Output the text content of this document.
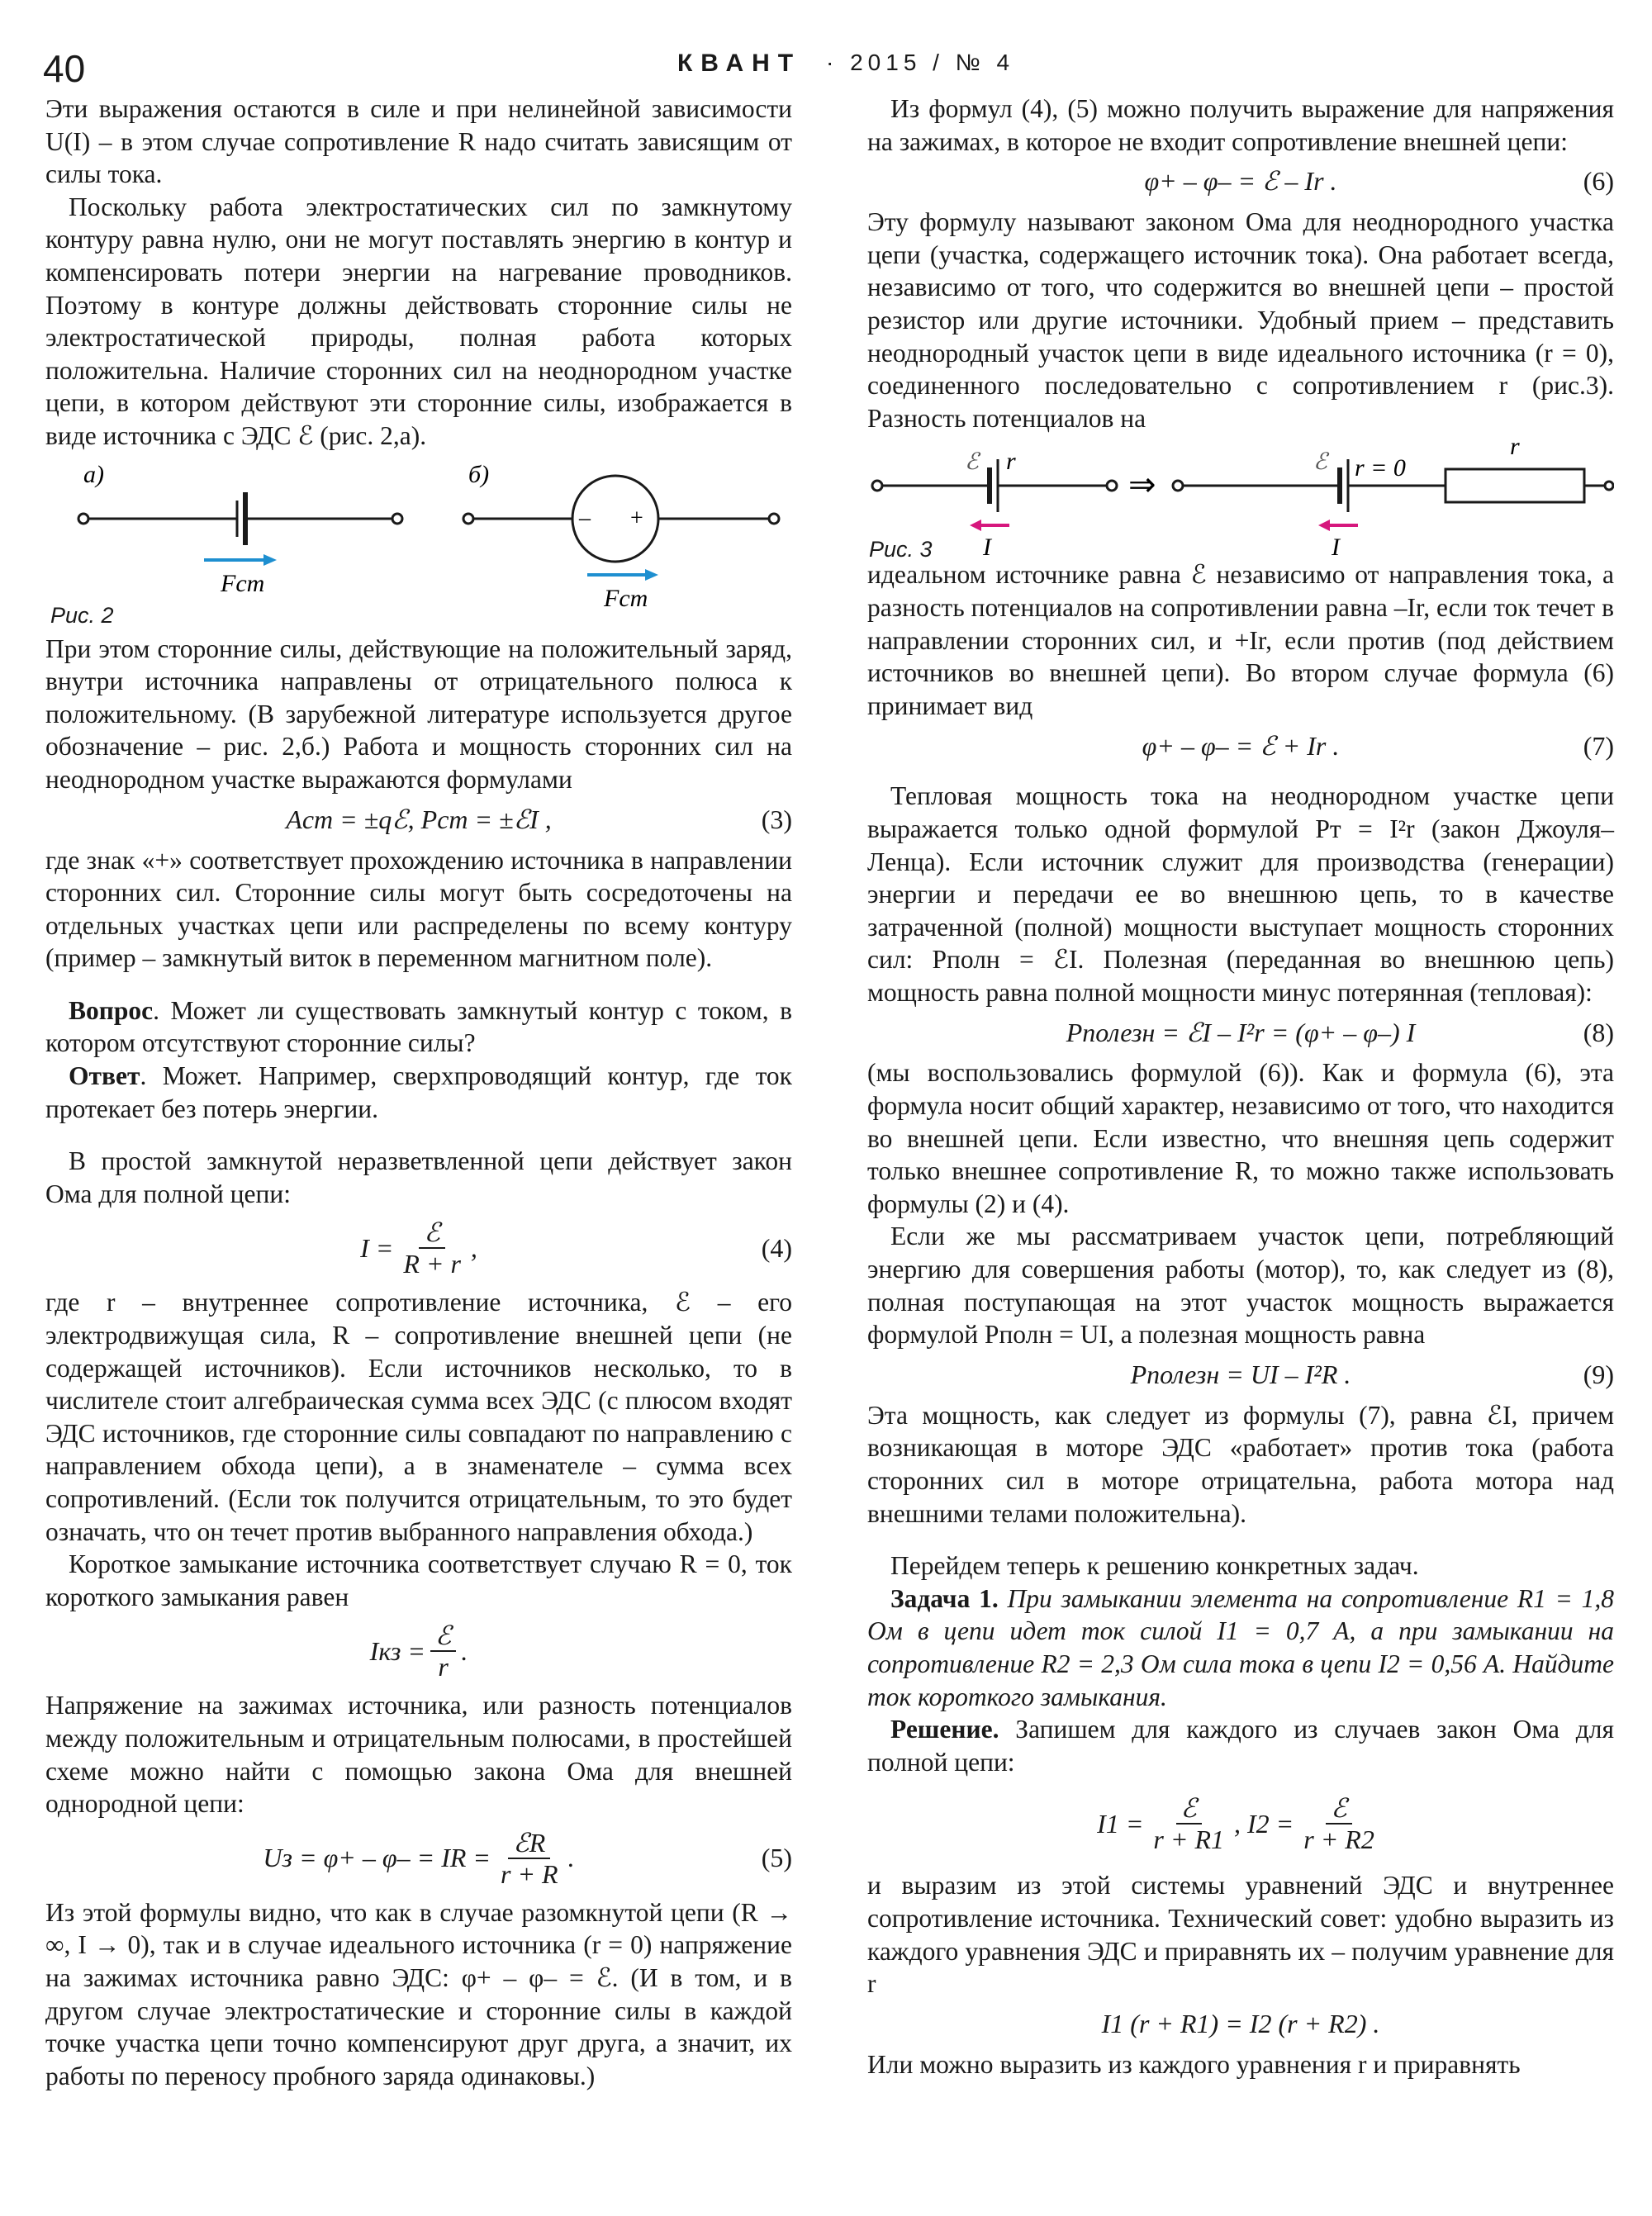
40	КВАНТ · 2015 / № 4

Эти выражения остаются в силе и при нелинейной зависимости U(I) – в этом случае сопротивление R надо считать зависящим от силы тока.

Поскольку работа электростатических сил по замкнутому контуру равна нулю, они не могут поставлять энергию в контур и компенсировать потери энергии на нагревание проводников. Поэтому в контуре должны действовать сторонние силы не электростатической природы, полная работа которых положительна. Наличие сторонних сил на неоднородном участке цепи, в котором действуют эти сторонние силы, изображается в виде источника с ЭДС ℰ (рис. 2,а).

а)	б)
Fст
– +
Fст
Рис. 2

При этом сторонние силы, действующие на положительный заряд, внутри источника направлены от отрицательного полюса к положительному. (В зарубежной литературе используется другое обозначение – рис. 2,б.) Работа и мощность сторонних сил на неоднородном участке выражаются формулами

Aст = ±qℰ, Pст = ±ℰI ,	(3)

где знак «+» соответствует прохождению источника в направлении сторонних сил. Сторонние силы могут быть сосредоточены на отдельных участках цепи или распределены по всему контуру (пример – замкнутый виток в переменном магнитном поле).

Вопрос. Может ли существовать замкнутый контур с током, в котором отсутствуют сторонние силы?

Ответ. Может. Например, сверхпроводящий контур, где ток протекает без потерь энергии.

В простой замкнутой неразветвленной цепи действует закон Ома для полной цепи:

$I = \frac{\text{ℰ}}{R + r}$ ,	(4)

где r – внутреннее сопротивление источника, ℰ – его электродвижущая сила, R – сопротивление внешней цепи (не содержащей источников). Если источников несколько, то в числителе стоит алгебраическая сумма всех ЭДС (с плюсом входят ЭДС источников, где сторонние силы совпадают по направлению с направлением обхода цепи), а в знаменателе – сумма всех сопротивлений. (Если ток получится отрицательным, то это будет означать, что он течет против выбранного направления обхода.)

Короткое замыкание источника соответствует случаю R = 0, ток короткого замыкания равен

Iкз = $\frac{\text{ℰ}}{r}$ .

Напряжение на зажимах источника, или разность потенциалов между положительным и отрицательным полюсами, в простейшей схеме можно найти с помощью закона Ома для внешней однородной цепи:

Uз = φ+ – φ– = IR = $\frac{\text{ℰR}}{r + R}$ .	(5)

Из этой формулы видно, что как в случае разомкнутой цепи (R → ∞, I → 0), так и в случае идеального источника (r = 0) напряжение на зажимах источника равно ЭДС: φ+ – φ– = ℰ. (И в том, и в другом случае электростатические и сторонние силы в каждой точке участка цепи точно компенсируют друг друга, а значит, их работы по переносу пробного заряда одинаковы.)

Из формул (4), (5) можно получить выражение для напряжения на зажимах, в которое не входит сопротивление внешней цепи:

φ+ – φ– = ℰ – Ir .	(6)

Эту формулу называют законом Ома для неоднородного участка цепи (участка, содержащего источник тока). Она работает всегда, независимо от того, что содержится во внешней цепи – простой резистор или другие источники. Удобный прием – представить неоднородный участок цепи в виде идеального источника (r = 0), соединенного последовательно с сопротивлением r (рис.3). Разность потенциалов на

ℰ r
I
⇒
ℰ r = 0
r
I
Рис. 3

идеальном источнике равна ℰ независимо от направления тока, а разность потенциалов на сопротивлении равна –Ir, если ток течет в направлении сторонних сил, и +Ir, если против (под действием источников во внешней цепи). Во втором случае формула (6) принимает вид

φ+ – φ– = ℰ + Ir .	(7)

Тепловая мощность тока на неоднородном участке цепи выражается только одной формулой Pт = I²r (закон Джоуля–Ленца). Если источник служит для производства (генерации) энергии и передачи ее во внешнюю цепь, то в качестве затраченной (полной) мощности выступает мощность сторонних сил: Pполн = ℰI. Полезная (переданная во внешнюю цепь) мощность равна полной мощности минус потерянная (тепловая):

Pполезн = ℰI – I²r = (φ+ – φ–) I	(8)

(мы воспользовались формулой (6)). Как и формула (6), эта формула носит общий характер, независимо от того, что находится во внешней цепи. Если известно, что внешняя цепь содержит только внешнее сопротивление R, то можно также использовать формулы (2) и (4).

Если же мы рассматриваем участок цепи, потребляющий энергию для совершения работы (мотор), то, как следует из (8), полная поступающая на этот участок мощность выражается формулой Pполн = UI, а полезная мощность равна

Pполезн = UI – I²R .	(9)

Эта мощность, как следует из формулы (7), равна ℰI, причем возникающая в моторе ЭДС «работает» против тока (работа сторонних сил в моторе отрицательна, работа мотора над внешними телами положительна).

Перейдем теперь к решению конкретных задач.

Задача 1. При замыкании элемента на сопротивление R1 = 1,8 Ом в цепи идет ток силой I1 = 0,7 А, а при замыкании на сопротивление R2 = 2,3 Ом сила тока в цепи I2 = 0,56 А. Найдите ток короткого замыкания.

Решение. Запишем для каждого из случаев закон Ома для полной цепи:

$I1 = \frac{\text{ℰ}}{r + R1}$ , $I2 = \frac{\text{ℰ}}{r + R2}$

и выразим из этой системы уравнений ЭДС и внутреннее сопротивление источника. Технический совет: удобно выразить из каждого уравнения ЭДС и приравнять их – получим уравнение для r

I1 (r + R1) = I2 (r + R2) .

Или можно выразить из каждого уравнения r и приравнять
